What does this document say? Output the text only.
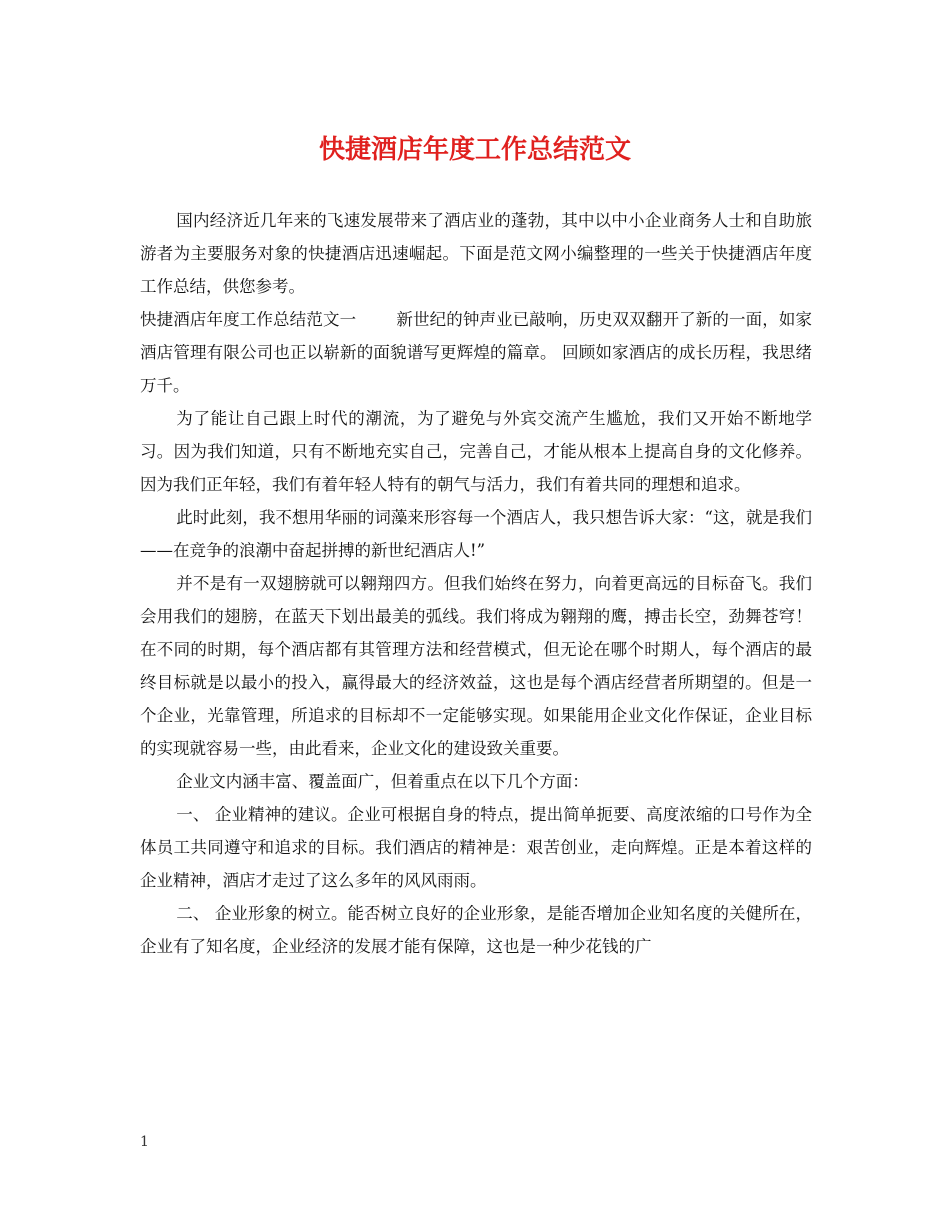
快捷酒店年度工作总结范文

国内经济近几年来的飞速发展带来了酒店业的蓬勃，其中以中小企业商务人士和自助旅游者为主要服务对象的快捷酒店迅速崛起。下面是范文网小编整理的一些关于快捷酒店年度工作总结，供您参考。

快捷酒店年度工作总结范文一 新世纪的钟声业已敲响，历史双双翻开了新的一面，如家酒店管理有限公司也正以崭新的面貌谱写更辉煌的篇章。 回顾如家酒店的成长历程，我思绪万千。

为了能让自己跟上时代的潮流，为了避免与外宾交流产生尴尬，我们又开始不断地学习。因为我们知道，只有不断地充实自己，完善自己，才能从根本上提高自身的文化修养。因为我们正年轻，我们有着年轻人特有的朝气与活力，我们有着共同的理想和追求。

此时此刻，我不想用华丽的词藻来形容每一个酒店人，我只想告诉大家：“这，就是我们——在竞争的浪潮中奋起拼搏的新世纪酒店人!”

并不是有一双翅膀就可以翱翔四方。但我们始终在努力，向着更高远的目标奋飞。我们会用我们的翅膀，在蓝天下划出最美的弧线。我们将成为翱翔的鹰，搏击长空，劲舞苍穹！在不同的时期，每个酒店都有其管理方法和经营模式，但无论在哪个时期人，每个酒店的最终目标就是以最小的投入，赢得最大的经济效益，这也是每个酒店经营者所期望的。但是一个企业，光靠管理，所追求的目标却不一定能够实现。如果能用企业文化作保证，企业目标的实现就容易一些，由此看来，企业文化的建设致关重要。

企业文内涵丰富、覆盖面广，但着重点在以下几个方面：

一、 企业精神的建议。企业可根据自身的特点，提出简单扼要、高度浓缩的口号作为全体员工共同遵守和追求的目标。我们酒店的精神是：艰苦创业，走向辉煌。正是本着这样的企业精神，酒店才走过了这么多年的风风雨雨。

二、 企业形象的树立。能否树立良好的企业形象，是能否增加企业知名度的关健所在，企业有了知名度，企业经济的发展才能有保障，这也是一种少花钱的广

1
